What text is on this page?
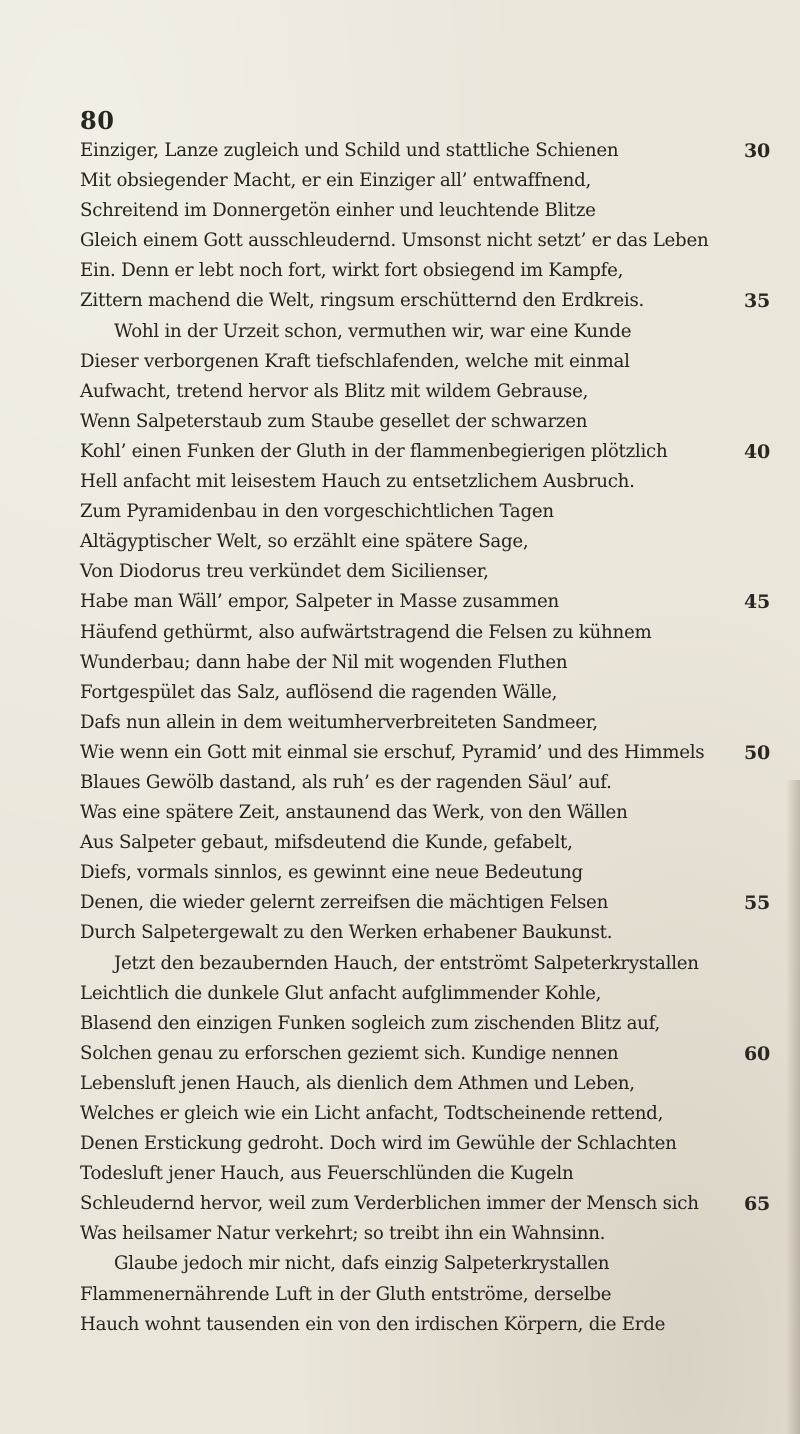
80
Einziger, Lanze zugleich und Schild und stattliche Schienen	30
Mit obsiegender Macht, er ein Einziger all’ entwaffnend,
Schreitend im Donnergetön einher und leuchtende Blitze
Gleich einem Gott ausschleudernd. Umsonst nicht setzt’ er das Leben
Ein. Denn er lebt noch fort, wirkt fort obsiegend im Kampfe,
Zittern machend die Welt, ringsum erschütternd den Erdkreis.	35
Wohl in der Urzeit schon, vermuthen wir, war eine Kunde
Dieser verborgenen Kraft tiefschlafenden, welche mit einmal
Aufwacht, tretend hervor als Blitz mit wildem Gebrause,
Wenn Salpeterstaub zum Staube gesellet der schwarzen
Kohl’ einen Funken der Gluth in der flammenbegierigen plötzlich	40
Hell anfacht mit leisestem Hauch zu entsetzlichem Ausbruch.
Zum Pyramidenbau in den vorgeschichtlichen Tagen
Altägyptischer Welt, so erzählt eine spätere Sage,
Von Diodorus treu verkündet dem Sicilienser,
Habe man Wäll’ empor, Salpeter in Masse zusammen	45
Häufend gethürmt, also aufwärtstragend die Felsen zu kühnem
Wunderbau; dann habe der Nil mit wogenden Fluthen
Fortgespület das Salz, auflösend die ragenden Wälle,
Dafs nun allein in dem weitumherverbreiteten Sandmeer,
Wie wenn ein Gott mit einmal sie erschuf, Pyramid’ und des Himmels 50
Blaues Gewölb dastand, als ruh’ es der ragenden Säul’ auf.
Was eine spätere Zeit, anstaunend das Werk, von den Wällen
Aus Salpeter gebaut, mifsdeutend die Kunde, gefabelt,
Diefs, vormals sinnlos, es gewinnt eine neue Bedeutung
Denen, die wieder gelernt zerreifsen die mächtigen Felsen	55
Durch Salpetergewalt zu den Werken erhabener Baukunst.
Jetzt den bezaubernden Hauch, der entströmt Salpeterkrystallen
Leichtlich die dunkele Glut anfacht aufglimmender Kohle,
Blasend den einzigen Funken sogleich zum zischenden Blitz auf,
Solchen genau zu erforschen geziemt sich. Kundige nennen	60
Lebensluft jenen Hauch, als dienlich dem Athmen und Leben,
Welches er gleich wie ein Licht anfacht, Todtscheinende rettend,
Denen Erstickung gedroht. Doch wird im Gewühle der Schlachten
Todesluft jener Hauch, aus Feuerschlünden die Kugeln
Schleudernd hervor, weil zum Verderblichen immer der Mensch sich 65
Was heilsamer Natur verkehrt; so treibt ihn ein Wahnsinn.
Glaube jedoch mir nicht, dafs einzig Salpeterkrystallen
Flammenernährende Luft in der Gluth entströme, derselbe
Hauch wohnt tausenden ein von den irdischen Körpern, die Erde
